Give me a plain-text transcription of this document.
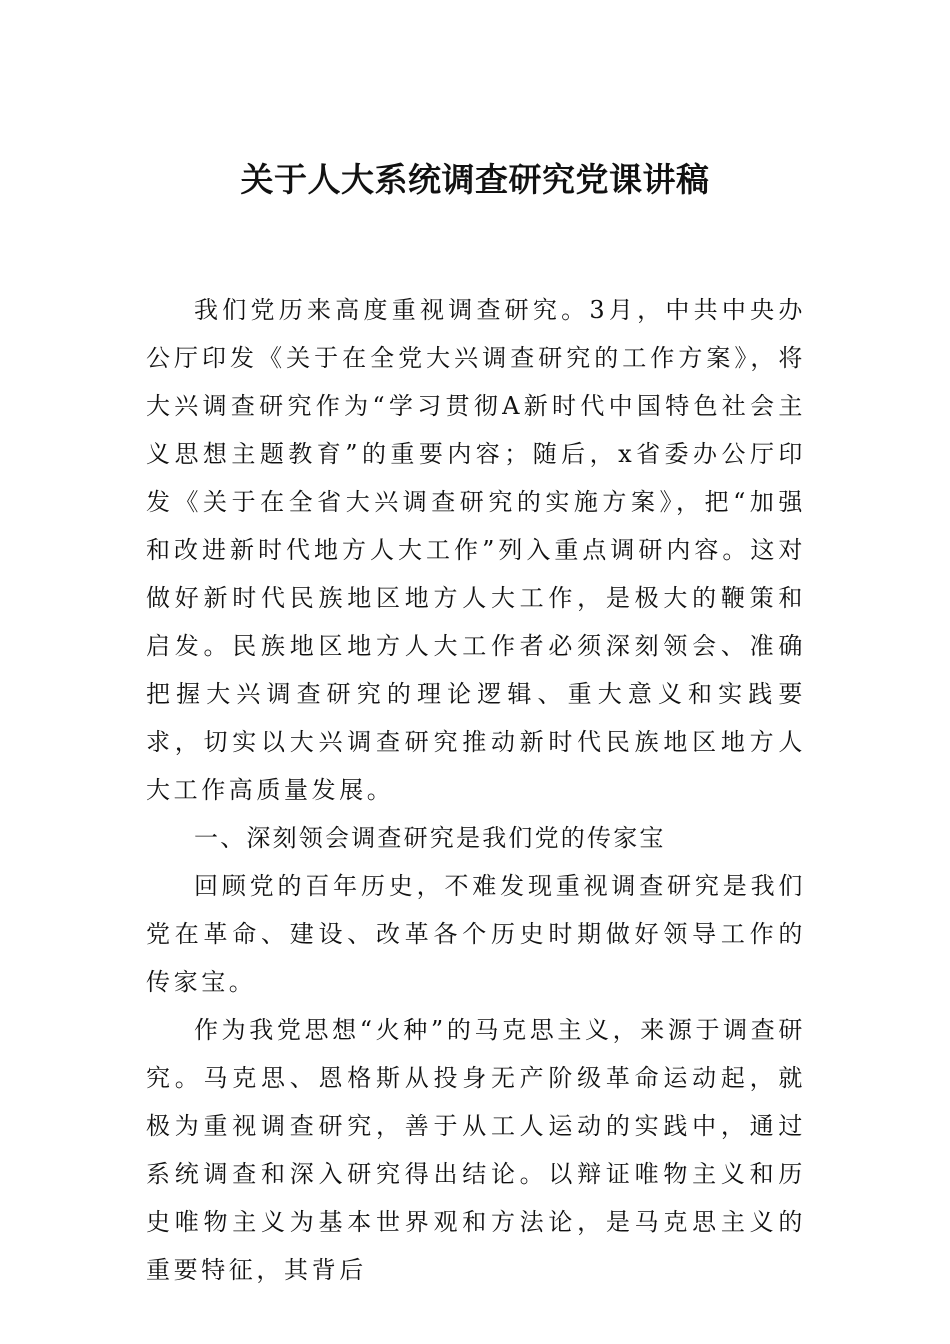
关于人大系统调查研究党课讲稿

我们党历来高度重视调查研究。3月，中共中央办公厅印发《关于在全党大兴调查研究的工作方案》，将大兴调查研究作为“学习贯彻A新时代中国特色社会主义思想主题教育”的重要内容；随后，x省委办公厅印发《关于在全省大兴调查研究的实施方案》，把“加强和改进新时代地方人大工作”列入重点调研内容。这对做好新时代民族地区地方人大工作，是极大的鞭策和启发。民族地区地方人大工作者必须深刻领会、准确把握大兴调查研究的理论逻辑、重大意义和实践要求，切实以大兴调查研究推动新时代民族地区地方人大工作高质量发展。

一、深刻领会调查研究是我们党的传家宝

回顾党的百年历史，不难发现重视调查研究是我们党在革命、建设、改革各个历史时期做好领导工作的传家宝。

作为我党思想“火种”的马克思主义，来源于调查研究。马克思、恩格斯从投身无产阶级革命运动起，就极为重视调查研究，善于从工人运动的实践中，通过系统调查和深入研究得出结论。以辩证唯物主义和历史唯物主义为基本世界观和方法论，是马克思主义的重要特征，其背后
